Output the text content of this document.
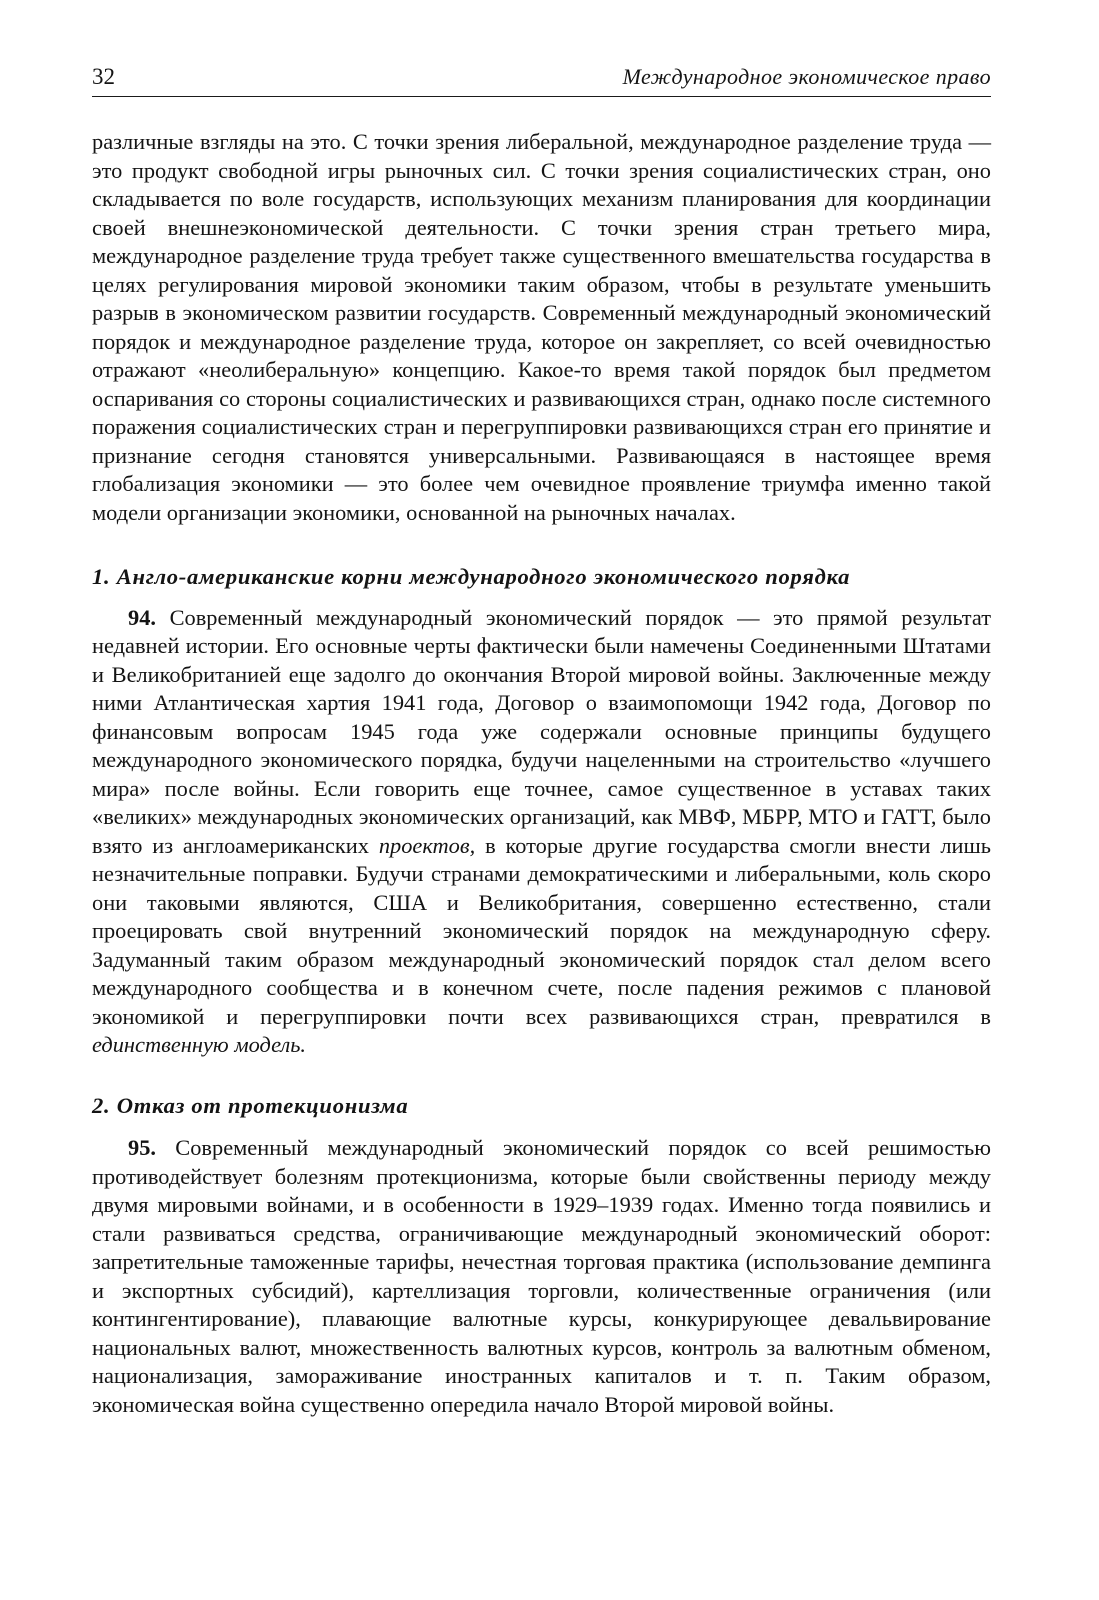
32	Международное экономическое право

различные взгляды на это. С точки зрения либеральной, международное разделение труда — это продукт свободной игры рыночных сил. С точки зрения социалистических стран, оно складывается по воле государств, использующих механизм планирования для координации своей внешнеэкономической деятельности. С точки зрения стран третьего мира, международное разделение труда требует также существенного вмешательства государства в целях регулирования мировой экономики таким образом, чтобы в результате уменьшить разрыв в экономическом развитии государств. Современный международный экономический порядок и международное разделение труда, которое он закрепляет, со всей очевидностью отражают «неолиберальную» концепцию. Какое-то время такой порядок был предметом оспаривания со стороны социалистических и развивающихся стран, однако после системного поражения социалистических стран и перегруппировки развивающихся стран его принятие и признание сегодня становятся универсальными. Развивающаяся в настоящее время глобализация экономики — это более чем очевидное проявление триумфа именно такой модели организации экономики, основанной на рыночных началах.

1. Англо-американские корни международного экономического порядка

94. Современный международный экономический порядок — это прямой результат недавней истории. Его основные черты фактически были намечены Соединенными Штатами и Великобританией еще задолго до окончания Второй мировой войны. Заключенные между ними Атлантическая хартия 1941 года, Договор о взаимопомощи 1942 года, Договор по финансовым вопросам 1945 года уже содержали основные принципы будущего международного экономического порядка, будучи нацеленными на строительство «лучшего мира» после войны. Если говорить еще точнее, самое существенное в уставах таких «великих» международных экономических организаций, как МВФ, МБРР, МТО и ГАТТ, было взято из англоамериканских проектов, в которые другие государства смогли внести лишь незначительные поправки. Будучи странами демократическими и либеральными, коль скоро они таковыми являются, США и Великобритания, совершенно естественно, стали проецировать свой внутренний экономический порядок на международную сферу. Задуманный таким образом международный экономический порядок стал делом всего международного сообщества и в конечном счете, после падения режимов с плановой экономикой и перегруппировки почти всех развивающихся стран, превратился в единственную модель.

2. Отказ от протекционизма

95. Современный международный экономический порядок со всей решимостью противодействует болезням протекционизма, которые были свойственны периоду между двумя мировыми войнами, и в особенности в 1929–1939 годах. Именно тогда появились и стали развиваться средства, ограничивающие международный экономический оборот: запретительные таможенные тарифы, нечестная торговая практика (использование демпинга и экспортных субсидий), картеллизация торговли, количественные ограничения (или контингентирование), плавающие валютные курсы, конкурирующее девальвирование национальных валют, множественность валютных курсов, контроль за валютным обменом, национализация, замораживание иностранных капиталов и т. п. Таким образом, экономическая война существенно опередила начало Второй мировой войны.
